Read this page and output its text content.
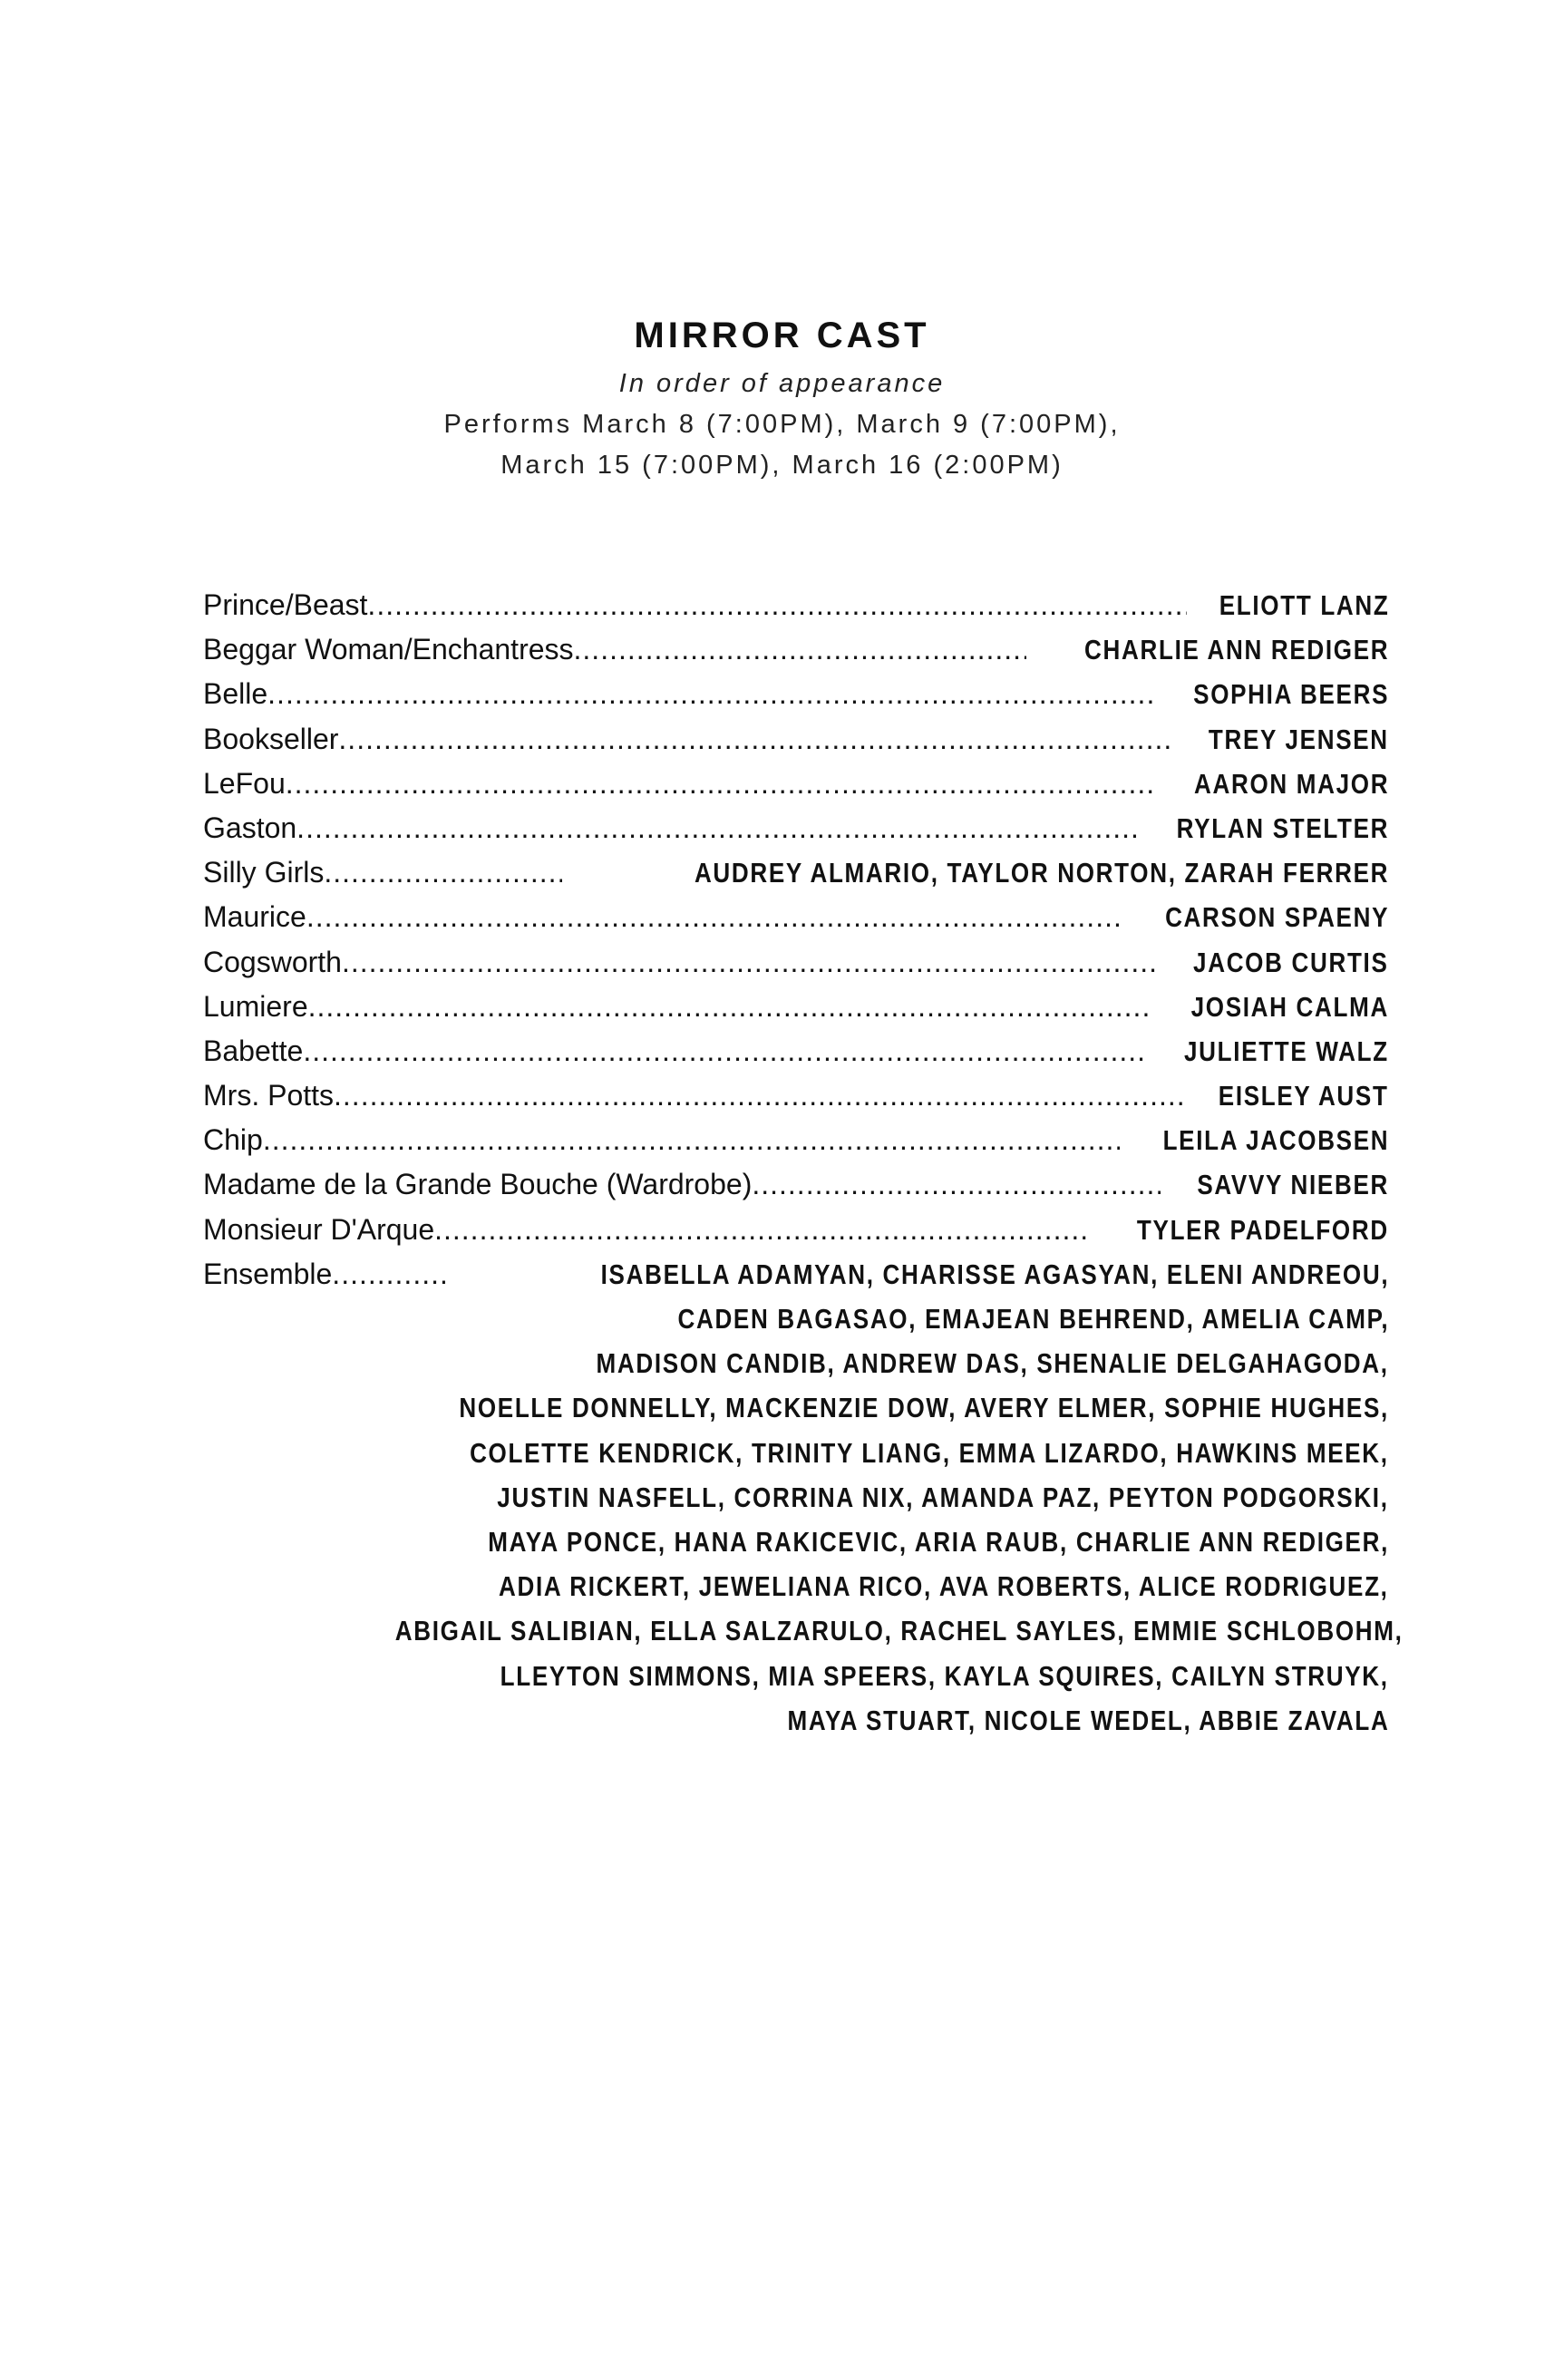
MIRROR CAST

In order of appearance

Performs March 8 (7:00PM), March 9 (7:00PM),

March 15 (7:00PM), March 16 (2:00PM)

Prince/Beast .....	ELIOTT LANZ
Beggar Woman/Enchantress .....	CHARLIE ANN REDIGER
Belle .....	SOPHIA BEERS
Bookseller .....	TREY JENSEN
LeFou .....	AARON MAJOR
Gaston .....	RYLAN STELTER
Silly Girls .....	AUDREY ALMARIO, TAYLOR NORTON, ZARAH FERRER
Maurice .....	CARSON SPAENY
Cogsworth .....	JACOB CURTIS
Lumiere .....	JOSIAH CALMA
Babette .....	JULIETTE WALZ
Mrs. Potts .....	EISLEY AUST
Chip .....	LEILA JACOBSEN
Madame de la Grande Bouche (Wardrobe) .....	SAVVY NIEBER
Monsieur D'Arque .....	TYLER PADELFORD
Ensemble .....	ISABELLA ADAMYAN, CHARISSE AGASYAN, ELENI ANDREOU,
CADEN BAGASAO, EMAJEAN BEHREND, AMELIA CAMP,
MADISON CANDIB, ANDREW DAS, SHENALIE DELGAHAGODA,
NOELLE DONNELLY, MACKENZIE DOW, AVERY ELMER, SOPHIE HUGHES,
COLETTE KENDRICK, TRINITY LIANG, EMMA LIZARDO, HAWKINS MEEK,
JUSTIN NASFELL, CORRINA NIX, AMANDA PAZ, PEYTON PODGORSKI,
MAYA PONCE, HANA RAKICEVIC, ARIA RAUB, CHARLIE ANN REDIGER,
ADIA RICKERT, JEWELIANA RICO, AVA ROBERTS, ALICE RODRIGUEZ,
ABIGAIL SALIBIAN, ELLA SALZARULO, RACHEL SAYLES, EMMIE SCHLOBOHM,
LLEYTON SIMMONS, MIA SPEERS, KAYLA SQUIRES, CAILYN STRUYK,
MAYA STUART, NICOLE WEDEL, ABBIE ZAVALA
